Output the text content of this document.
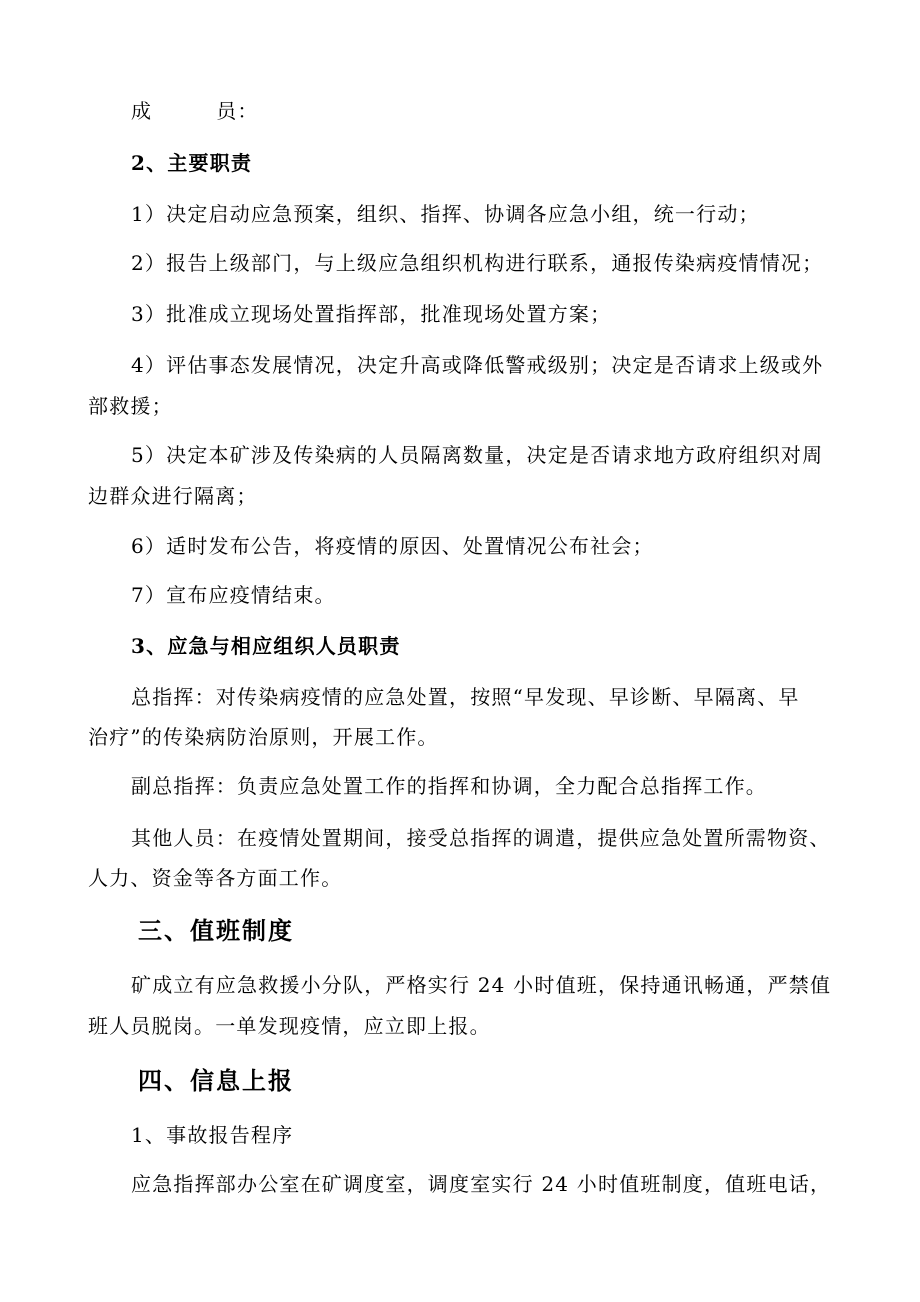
成	员：
2、主要职责
1）决定启动应急预案，组织、指挥、协调各应急小组，统一行动；
2）报告上级部门，与上级应急组织机构进行联系，通报传染病疫情情况；
3）批准成立现场处置指挥部，批准现场处置方案；
4）评估事态发展情况，决定升高或降低警戒级别；决定是否请求上级或外
部救援；
5）决定本矿涉及传染病的人员隔离数量，决定是否请求地方政府组织对周
边群众进行隔离；
6）适时发布公告，将疫情的原因、处置情况公布社会；
7）宣布应疫情结束。
3、应急与相应组织人员职责
总指挥：对传染病疫情的应急处置，按照“早发现、早诊断、早隔离、早
治疗”的传染病防治原则，开展工作。
副总指挥：负责应急处置工作的指挥和协调，全力配合总指挥工作。
其他人员：在疫情处置期间，接受总指挥的调遣，提供应急处置所需物资、
人力、资金等各方面工作。
三、值班制度
矿成立有应急救援小分队，严格实行 24 小时值班，保持通讯畅通，严禁值
班人员脱岗。一单发现疫情，应立即上报。
四、信息上报
1、事故报告程序
应急指挥部办公室在矿调度室，调度室实行 24 小时值班制度，值班电话，
